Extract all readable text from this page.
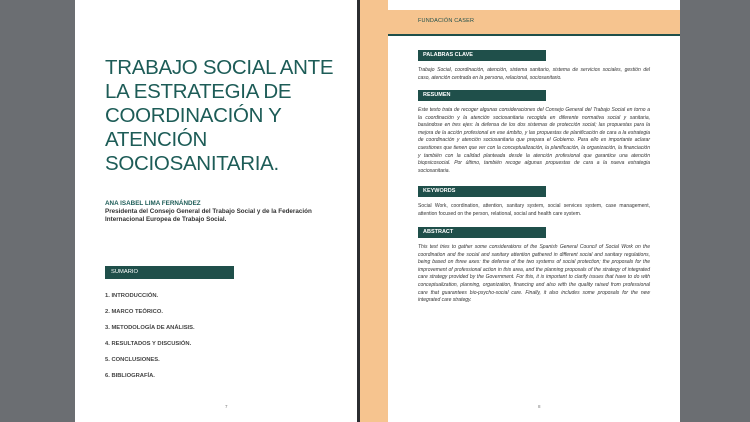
TRABAJO SOCIAL ANTE LA ESTRATEGIA DE COORDINACIÓN Y ATENCIÓN SOCIOSANITARIA.
ANA ISABEL LIMA FERNÁNDEZ
Presidenta del Consejo General del Trabajo Social y de la Federación Internacional Europea de Trabajo Social.
SUMARIO
1. INTRODUCCIÓN.
2. MARCO TEÓRICO.
3. METODOLOGÍA DE ANÁLISIS.
4. RESULTADOS Y DISCUSIÓN.
5. CONCLUSIONES.
6. BIBLIOGRAFÍA.
7
FUNDACIÓN CASER
PALABRAS CLAVE

Trabajo Social, coordinación, atención, sistema sanitario, sistema de servicios sociales, gestión del caso, atención centrada en la persona, relacional, sociosanitario.

RESUMEN

Este texto trata de recoger algunas consideraciones del Consejo General del Trabajo Social en torno a la coordinación y la atención sociosanitaria recogida en diferente normativa social y sanitaria, basándose en tres ejes: la defensa de los dos sistemas de protección social; las propuestas para la mejora de la acción profesional en ese ámbito, y las propuestas de planificación de cara a la estrategia de coordinación y atención sociosanitaria que prepara el Gobierno. Para ello es importante aclarar cuestiones que tienen que ver con la conceptualización, la planificación, la organización, la financiación y también con la calidad planteada desde la atención profesional que garantice una atención biopsicosocial. Por último, también recoge algunas propuestas de cara a la nueva estrategia sociosanitaria.

KEYWORDS

Social Work, coordination, attention, sanitary system, social services system, case management, attention focused on the person, relational, social and health care system.

ABSTRACT

This text tries to gather some considerations of the Spanish General Council of Social Work on the coordination and the social and sanitary attention gathered in different social and sanitary regulations, being based on three axes: the defense of the two systems of social protection; the proposals for the improvement of professional action in this area, and the planning proposals of the strategy of integrated care strategy provided by the Government. For this, it is important to clarify issues that have to do with conceptualization, planning, organization, financing and also with the quality raised from professional care that guarantees bio-psycho-social care. Finally, it also includes some proposals for the new integrated care strategy.

8
